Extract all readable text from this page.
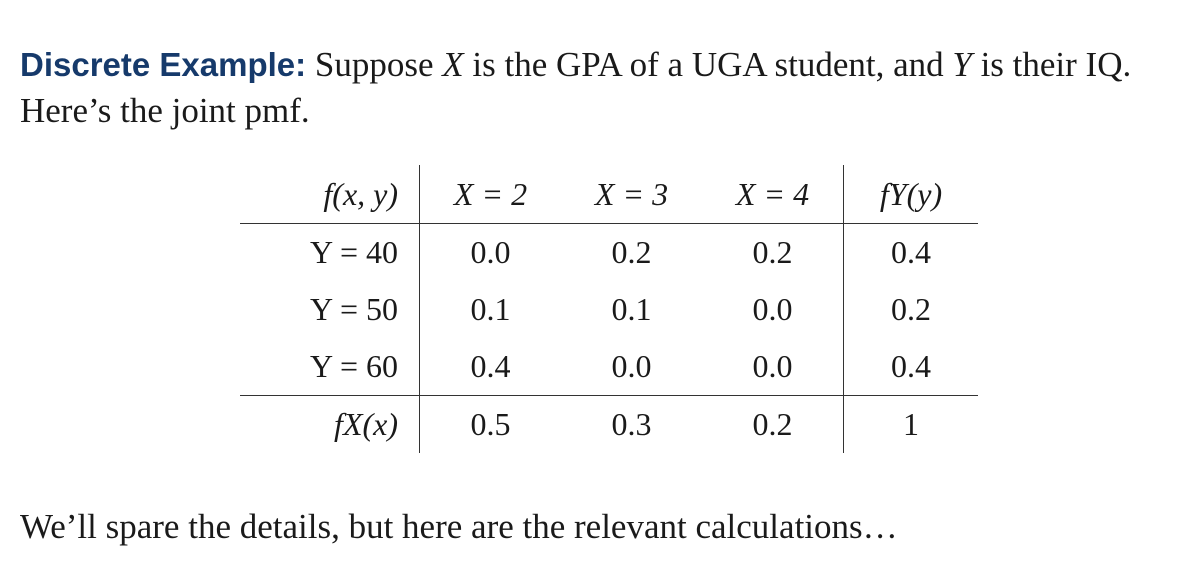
Discrete Example: Suppose X is the GPA of a UGA student, and Y is their IQ. Here’s the joint pmf.
f(x, y)	X = 2	X = 3	X = 4	fY(y)
Y = 40	0.0	0.2	0.2	0.4
Y = 50	0.1	0.1	0.0	0.2
Y = 60	0.4	0.0	0.0	0.4
fX(x)	0.5	0.3	0.2	1
We’ll spare the details, but here are the relevant calculations…
